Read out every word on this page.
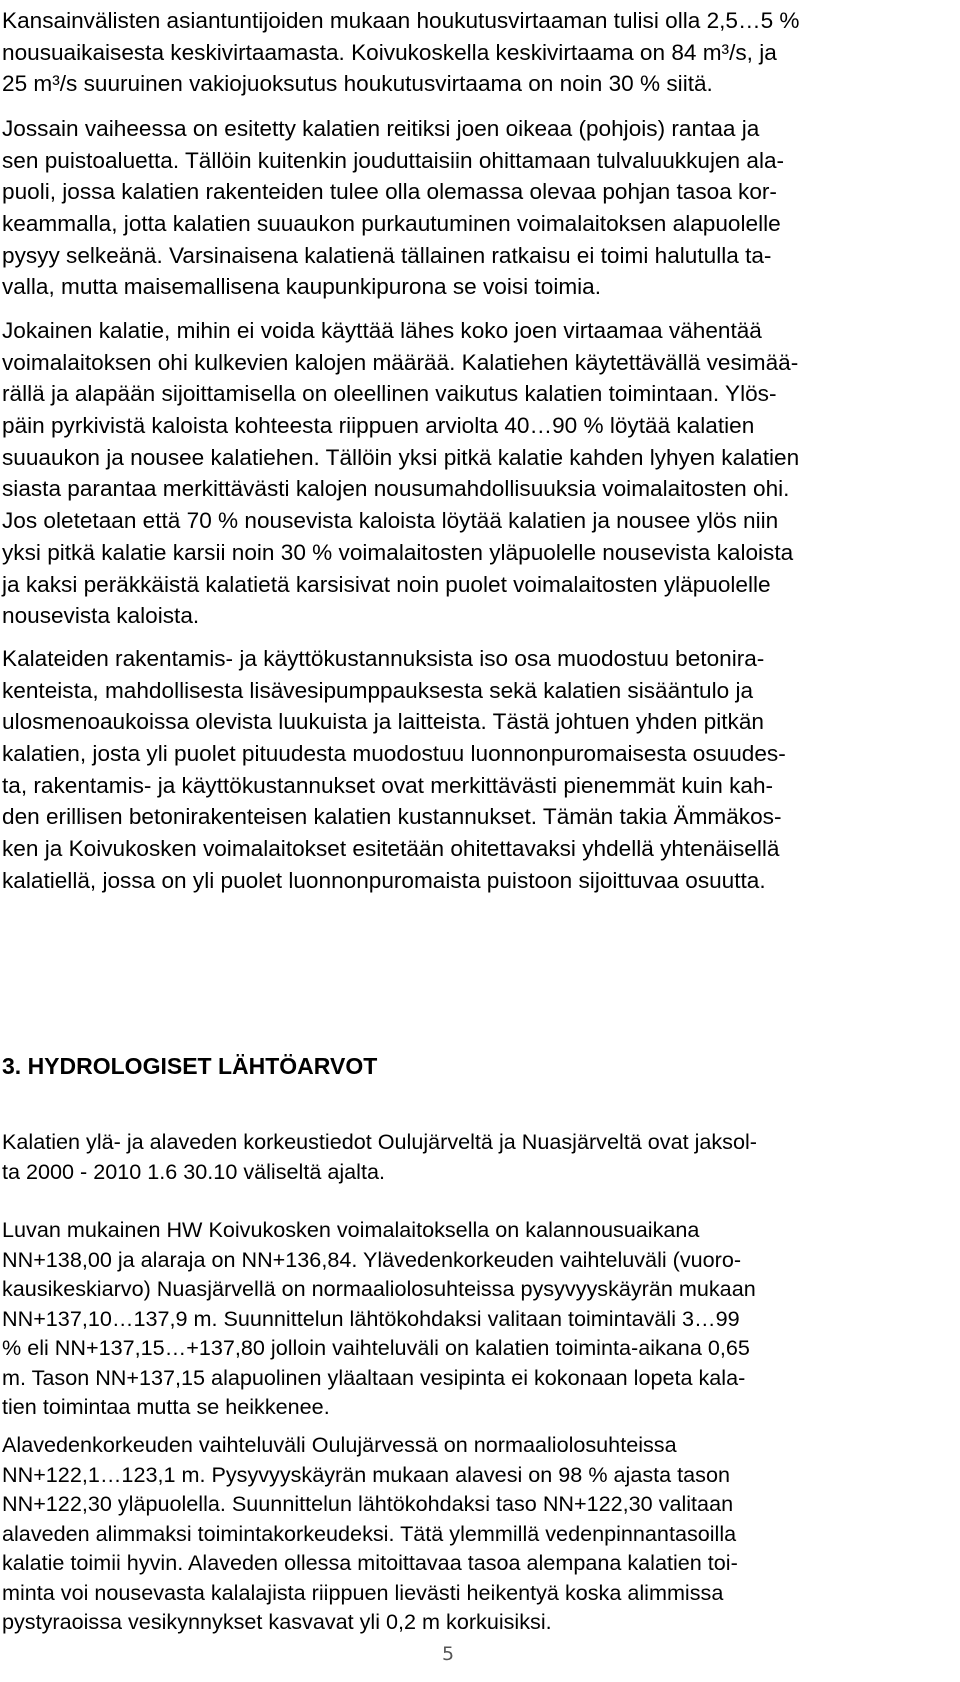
Kansainvälisten asiantuntijoiden mukaan houkutusvirtaaman tulisi olla 2,5…5 %
nousuaikaisesta keskivirtaamasta. Koivukoskella keskivirtaama on 84 m³/s, ja
25 m³/s suuruinen vakiojuoksutus houkutusvirtaama on noin 30 % siitä.
Jossain vaiheessa on esitetty kalatien reitiksi joen oikeaa (pohjois) rantaa ja
sen puistoaluetta. Tällöin kuitenkin jouduttaisiin ohittamaan tulvaluukkujen ala-
puoli, jossa kalatien rakenteiden tulee olla olemassa olevaa pohjan tasoa kor-
keammalla, jotta kalatien suuaukon purkautuminen voimalaitoksen alapuolelle
pysyy selkeänä. Varsinaisena kalatienä tällainen ratkaisu ei toimi halutulla ta-
valla, mutta maisemallisena kaupunkipurona se voisi toimia.
Jokainen kalatie, mihin ei voida käyttää lähes koko joen virtaamaa vähentää
voimalaitoksen ohi kulkevien kalojen määrää. Kalatiehen käytettävällä vesimää-
rällä ja alapään sijoittamisella on oleellinen vaikutus kalatien toimintaan. Ylös-
päin pyrkivistä kaloista kohteesta riippuen arviolta 40…90 % löytää kalatien
suuaukon ja nousee kalatiehen. Tällöin yksi pitkä kalatie kahden lyhyen kalatien
siasta parantaa merkittävästi kalojen nousumahdollisuuksia voimalaitosten ohi.
Jos oletetaan että 70 % nousevista kaloista löytää kalatien ja nousee ylös niin
yksi pitkä kalatie karsii noin 30 % voimalaitosten yläpuolelle nousevista kaloista
ja kaksi peräkkäistä kalatietä karsisivat noin puolet voimalaitosten yläpuolelle
nousevista kaloista.
Kalateiden rakentamis- ja käyttökustannuksista iso osa muodostuu betonira-
kenteista, mahdollisesta lisävesipumppauksesta sekä kalatien sisääntulo ja
ulosmenoaukoissa olevista luukuista ja laitteista. Tästä johtuen yhden pitkän
kalatien, josta yli puolet pituudesta muodostuu luonnonpuromaisesta osuudes-
ta, rakentamis- ja käyttökustannukset ovat merkittävästi pienemmät kuin kah-
den erillisen betonirakenteisen kalatien kustannukset. Tämän takia Ämmäkos-
ken ja Koivukosken voimalaitokset esitetään ohitettavaksi yhdellä yhtenäisellä
kalatiellä, jossa on yli puolet luonnonpuromaista puistoon sijoittuvaa osuutta.
3. HYDROLOGISET LÄHTÖARVOT
Kalatien ylä- ja alaveden korkeustiedot Oulujärveltä ja Nuasjärveltä ovat jaksol-
ta 2000 - 2010 1.6 30.10 väliseltä ajalta.
Luvan mukainen HW Koivukosken voimalaitoksella on kalannousuaikana
NN+138,00 ja alaraja on NN+136,84. Ylävedenkorkeuden vaihteluväli (vuoro-
kausikeskiarvo) Nuasjärvellä on normaaliolosuhteissa pysyvyyskäyrän mukaan
NN+137,10…137,9 m. Suunnittelun lähtökohdaksi valitaan toimintaväli 3…99
% eli NN+137,15…+137,80 jolloin vaihteluväli on kalatien toiminta-aikana 0,65
m. Tason NN+137,15 alapuolinen yläaltaan vesipinta ei kokonaan lopeta kala-
tien toimintaa mutta se heikkenee.
Alavedenkorkeuden vaihteluväli Oulujärvessä on normaaliolosuhteissa
NN+122,1…123,1 m. Pysyvyyskäyrän mukaan alavesi on 98 % ajasta tason
NN+122,30 yläpuolella. Suunnittelun lähtökohdaksi taso NN+122,30 valitaan
alaveden alimmaksi toimintakorkeudeksi. Tätä ylemmillä vedenpinnantasoilla
kalatie toimii hyvin. Alaveden ollessa mitoittavaa tasoa alempana kalatien toi-
minta voi nousevasta kalalajista riippuen lievästi heikentyä koska alimmissa
pystyraoissa vesikynnykset kasvavat yli 0,2 m korkuisiksi.
5
